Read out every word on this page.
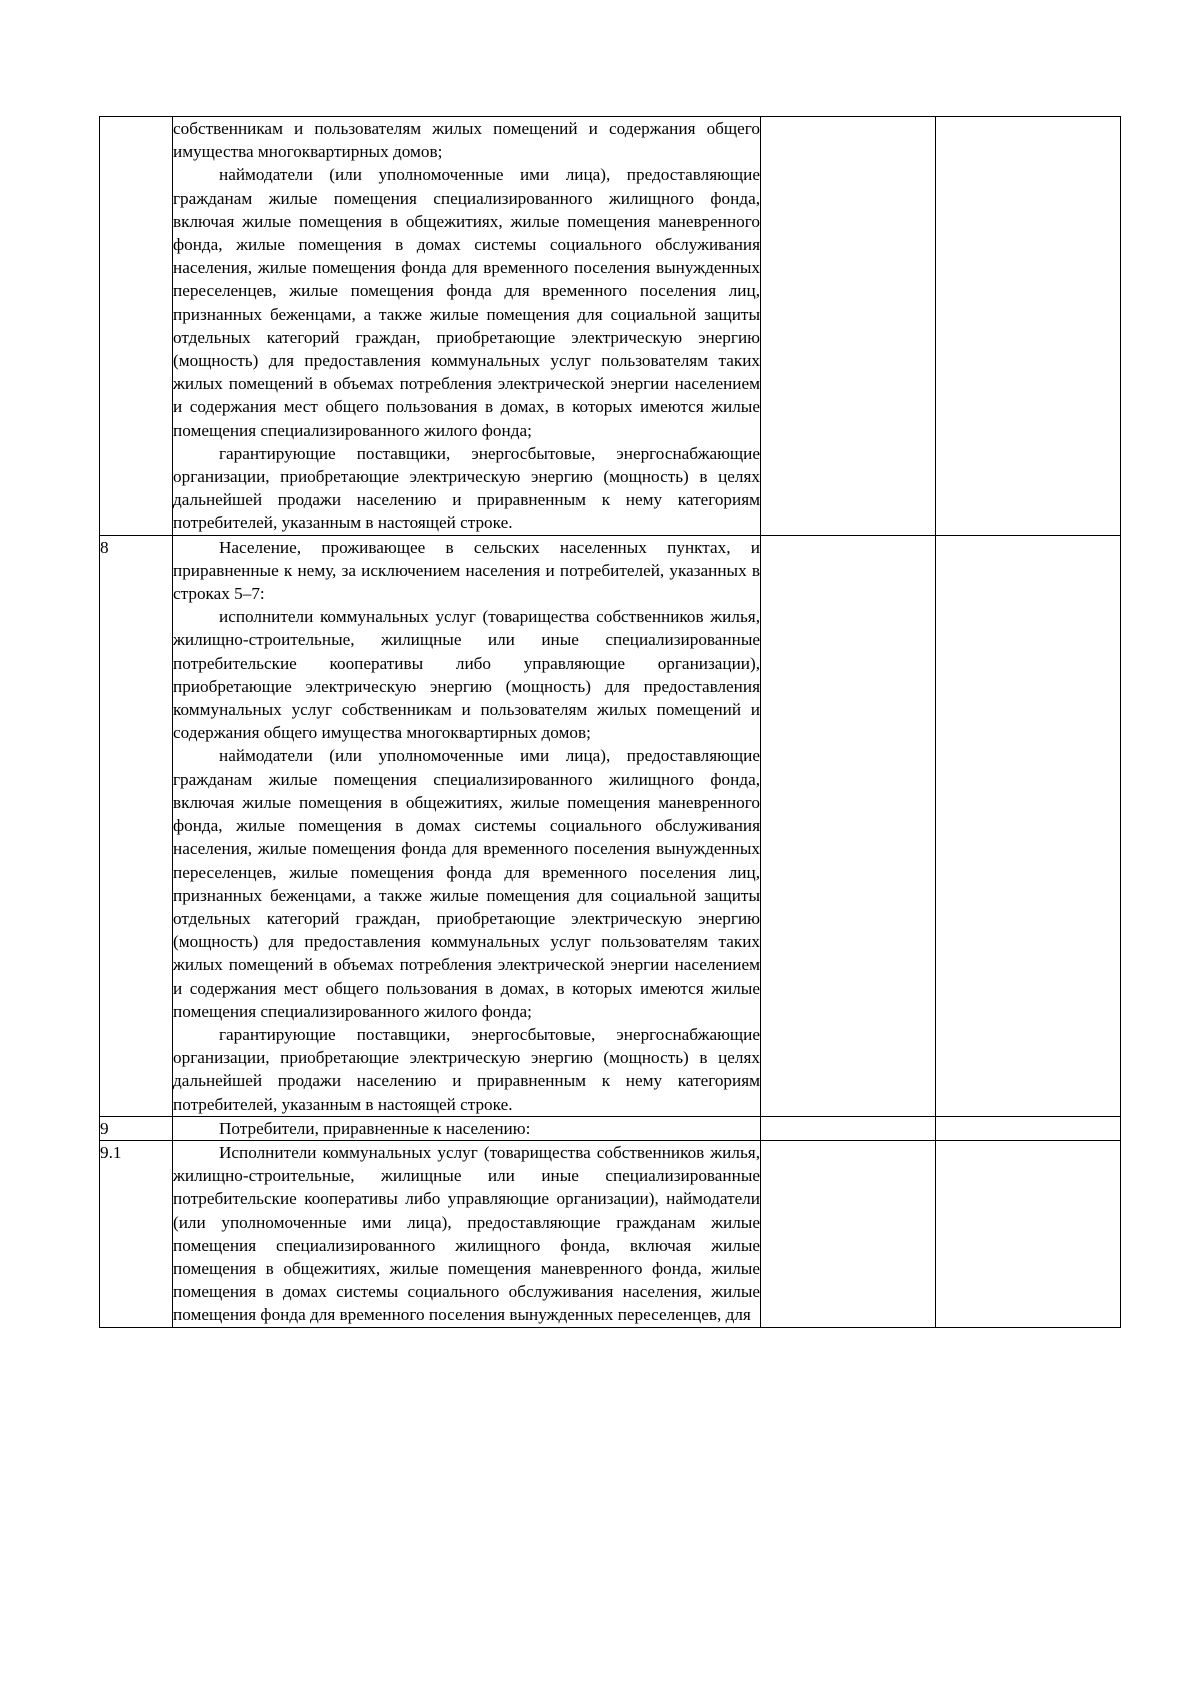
	собственникам и пользователям жилых помещений и содержания общего имущества многоквартирных домов;

наймодатели (или уполномоченные ими лица), предоставляющие гражданам жилые помещения специализированного жилищного фонда, включая жилые помещения в общежитиях, жилые помещения маневренного фонда, жилые помещения в домах системы социального обслуживания населения, жилые помещения фонда для временного поселения вынужденных переселенцев, жилые помещения фонда для временного поселения лиц, признанных беженцами, а также жилые помещения для социальной защиты отдельных категорий граждан, приобретающие электрическую энергию (мощность) для предоставления коммунальных услуг пользователям таких жилых помещений в объемах потребления электрической энергии населением и содержания мест общего пользования в домах, в которых имеются жилые помещения специализированного жилого фонда;

гарантирующие поставщики, энергосбытовые, энергоснабжающие организации, приобретающие электрическую энергию (мощность) в целях дальнейшей продажи населению и приравненным к нему категориям потребителей, указанным в настоящей строке.		

8	Население, проживающее в сельских населенных пунктах, и приравненные к нему, за исключением населения и потребителей, указанных в строках 5–7:

исполнители коммунальных услуг (товарищества собственников жилья, жилищно-строительные, жилищные или иные специализированные потребительские кооперативы либо управляющие организации), приобретающие электрическую энергию (мощность) для предоставления коммунальных услуг собственникам и пользователям жилых помещений и содержания общего имущества многоквартирных домов;

наймодатели (или уполномоченные ими лица), предоставляющие гражданам жилые помещения специализированного жилищного фонда, включая жилые помещения в общежитиях, жилые помещения маневренного фонда, жилые помещения в домах системы социального обслуживания населения, жилые помещения фонда для временного поселения вынужденных переселенцев, жилые помещения фонда для временного поселения лиц, признанных беженцами, а также жилые помещения для социальной защиты отдельных категорий граждан, приобретающие электрическую энергию (мощность) для предоставления коммунальных услуг пользователям таких жилых помещений в объемах потребления электрической энергии населением и содержания мест общего пользования в домах, в которых имеются жилые помещения специализированного жилого фонда;

гарантирующие поставщики, энергосбытовые, энергоснабжающие организации, приобретающие электрическую энергию (мощность) в целях дальнейшей продажи населению и приравненным к нему категориям потребителей, указанным в настоящей строке.		

9	Потребители, приравненные к населению:		

9.1	Исполнители коммунальных услуг (товарищества собственников жилья, жилищно-строительные, жилищные или иные специализированные потребительские кооперативы либо управляющие организации), наймодатели (или уполномоченные ими лица), предоставляющие гражданам жилые помещения специализированного жилищного фонда, включая жилые помещения в общежитиях, жилые помещения маневренного фонда, жилые помещения в домах системы социального обслуживания населения, жилые помещения фонда для временного поселения вынужденных переселенцев, для		
